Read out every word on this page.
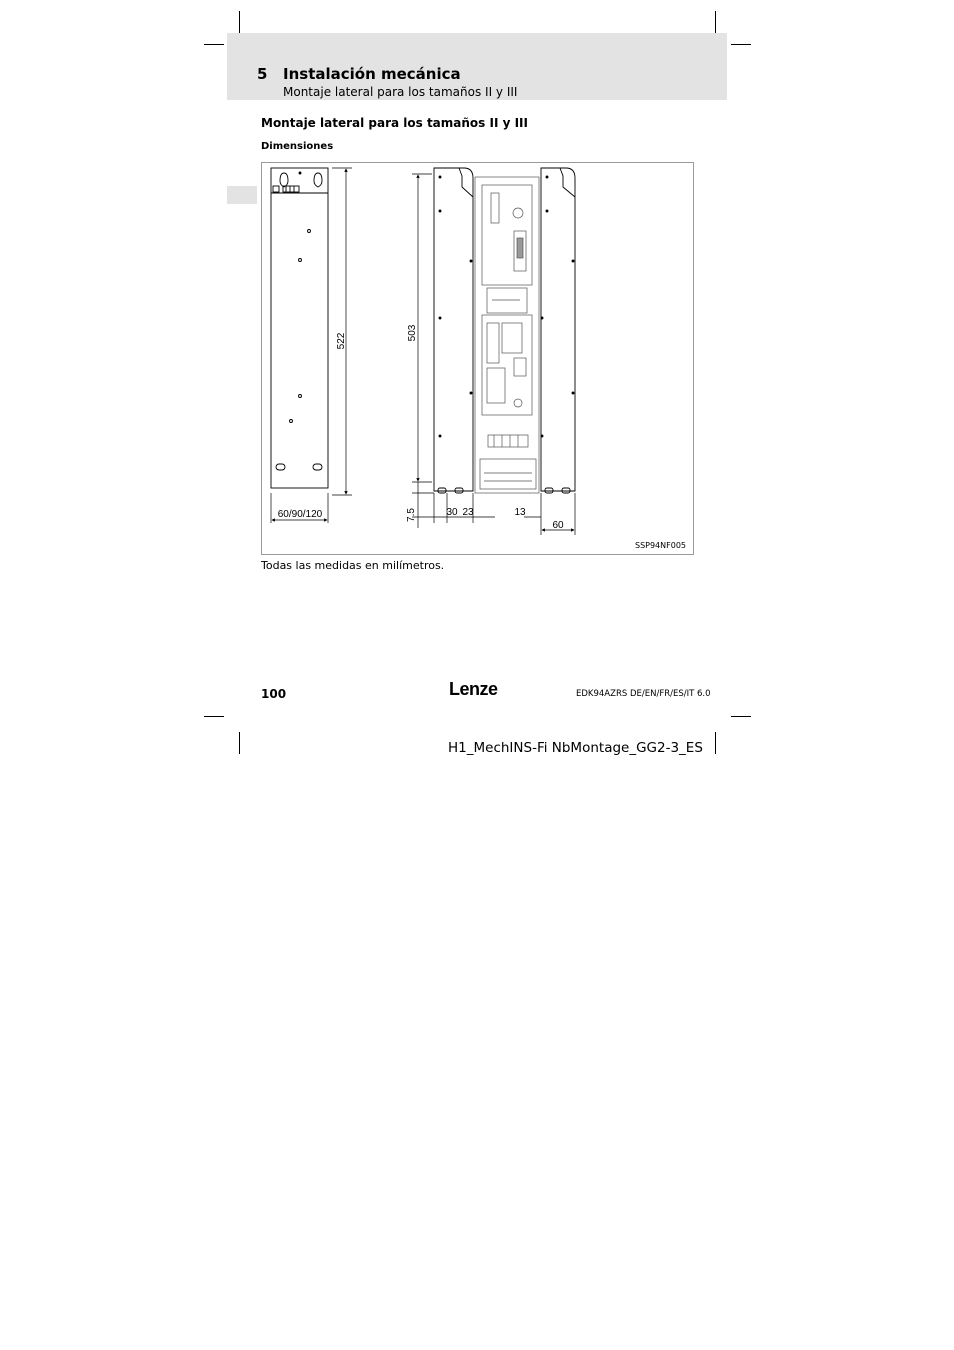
5 Instalación mecánica
Montaje lateral para los tamaños II y III
Montaje lateral para los tamaños II y III
Dimensiones
522
60/90/120
503
7.5	30 23	13
60
SSP94NF005
Todas las medidas en milímetros.
100	Lenze	EDK94AZRS DE/EN/FR/ES/IT 6.0
H1_MechINS-Fi NbMontage_GG2-3_ES
